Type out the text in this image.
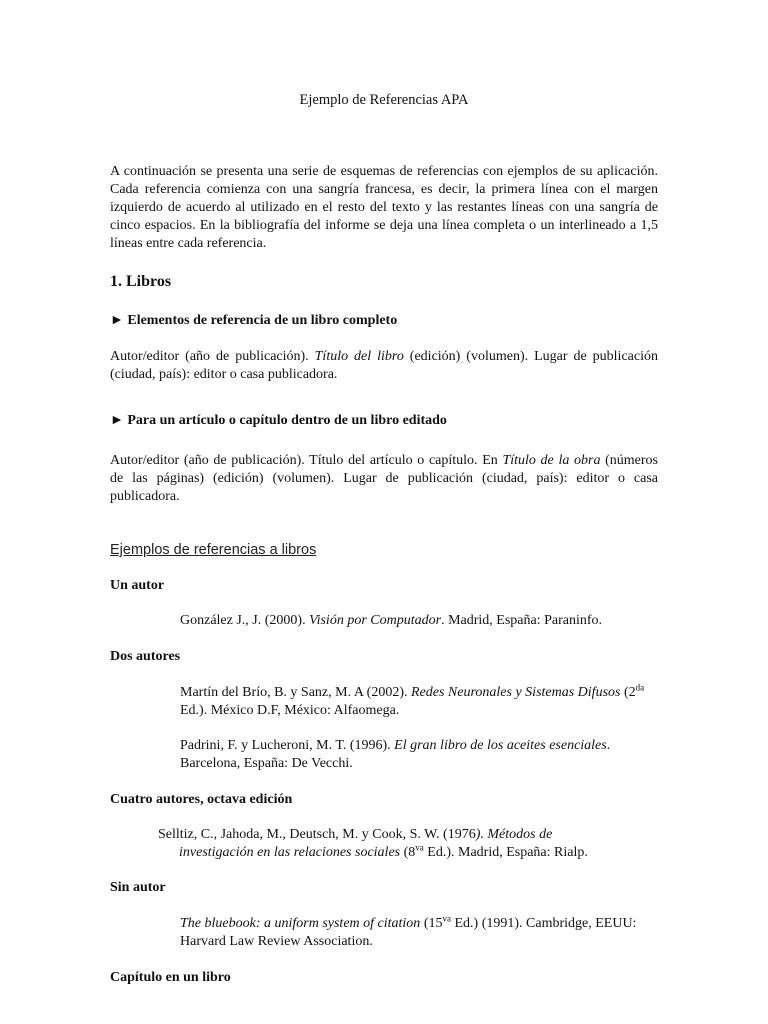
Ejemplo de Referencias APA

A continuación se presenta una serie de esquemas de referencias con ejemplos de su aplicación. Cada referencia comienza con una sangría francesa, es decir, la primera línea con el margen izquierdo de acuerdo al utilizado en el resto del texto y las restantes líneas con una sangría de cinco espacios. En la bibliografía del informe se deja una línea completa o un interlineado a 1,5 líneas entre cada referencia.

1. Libros

► Elementos de referencia de un libro completo

Autor/editor (año de publicación). Título del libro (edición) (volumen). Lugar de publicación (ciudad, país): editor o casa publicadora.

► Para un artículo o capítulo dentro de un libro editado

Autor/editor (año de publicación). Título del artículo o capítulo. En Título de la obra (números de las páginas) (edición) (volumen). Lugar de publicación (ciudad, país): editor o casa publicadora.

Ejemplos de referencias a libros

Un autor

González J., J. (2000). Visión por Computador. Madrid, España: Paraninfo.

Dos autores

Martín del Brío, B. y Sanz, M. A (2002). Redes Neuronales y Sistemas Difusos ($2^{da}$ Ed.). México D.F, México: Alfaomega.

Padrini, F. y Lucheroni, M. T. (1996). El gran libro de los aceites esenciales. Barcelona, España: De Vecchi.

Cuatro autores, octava edición

Selltiz, C., Jahoda, M., Deutsch, M. y Cook, S. W. (1976). Métodos de
investigación en las relaciones sociales ($8^{va}$ Ed.). Madrid, España: Rialp.

Sin autor

The bluebook: a uniform system of citation ($15^{va}$ Ed.) (1991). Cambridge, EEUU: Harvard Law Review Association.

Capítulo en un libro
